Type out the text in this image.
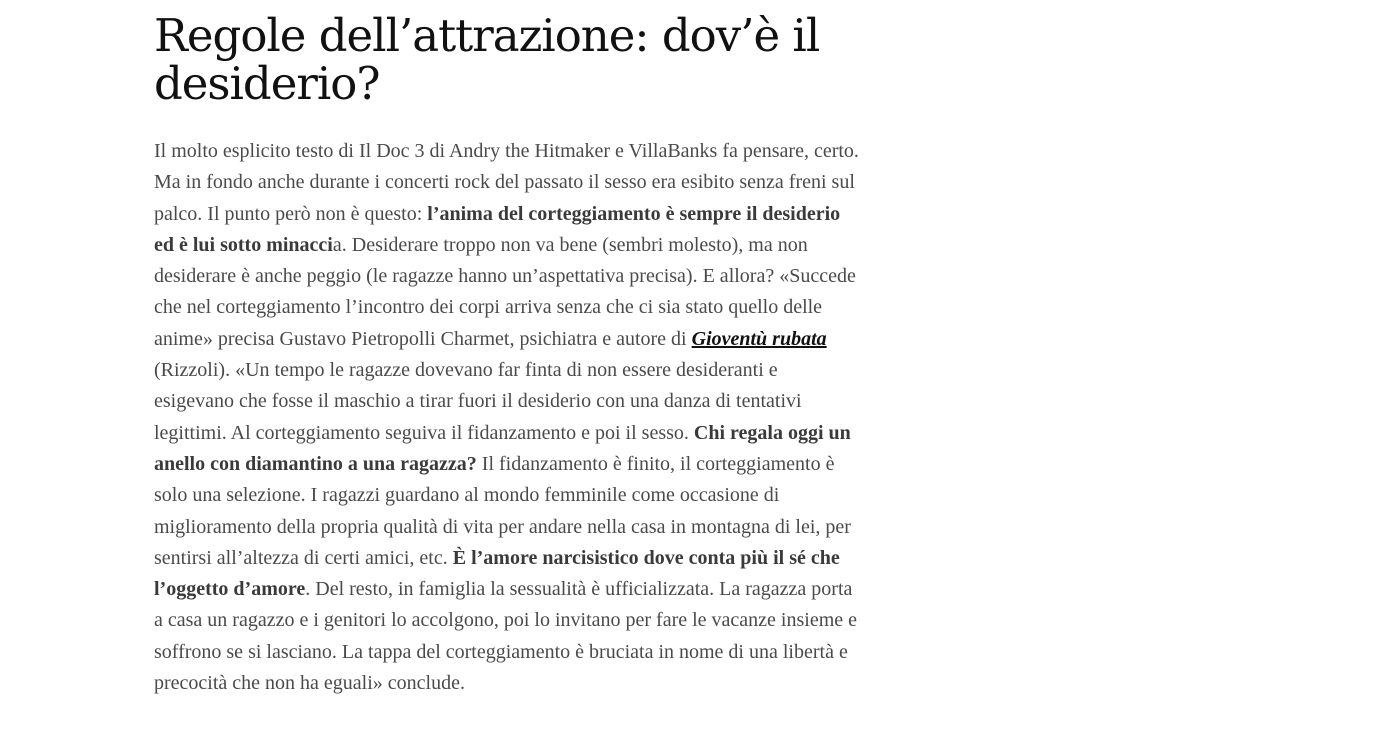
Regole dell’attrazione: dov’è il desiderio?

Il molto esplicito testo di Il Doc 3 di Andry the Hitmaker e VillaBanks fa pensare, certo. Ma in fondo anche durante i concerti rock del passato il sesso era esibito senza freni sul palco. Il punto però non è questo: l’anima del corteggiamento è sempre il desiderio ed è lui sotto minaccia. Desiderare troppo non va bene (sembri molesto), ma non desiderare è anche peggio (le ragazze hanno un’aspettativa precisa). E allora? «Succede che nel corteggiamento l’incontro dei corpi arriva senza che ci sia stato quello delle anime» precisa Gustavo Pietropolli Charmet, psichiatra e autore di Gioventù rubata (Rizzoli). «Un tempo le ragazze dovevano far finta di non essere desideranti e esigevano che fosse il maschio a tirar fuori il desiderio con una danza di tentativi legittimi. Al corteggiamento seguiva il fidanzamento e poi il sesso. Chi regala oggi un anello con diamantino a una ragazza? Il fidanzamento è finito, il corteggiamento è solo una selezione. I ragazzi guardano al mondo femminile come occasione di miglioramento della propria qualità di vita per andare nella casa in montagna di lei, per sentirsi all’altezza di certi amici, etc. È l’amore narcisistico dove conta più il sé che l’oggetto d’amore. Del resto, in famiglia la sessualità è ufficializzata. La ragazza porta a casa un ragazzo e i genitori lo accolgono, poi lo invitano per fare le vacanze insieme e soffrono se si lasciano. La tappa del corteggiamento è bruciata in nome di una libertà e precocità che non ha eguali» conclude.
